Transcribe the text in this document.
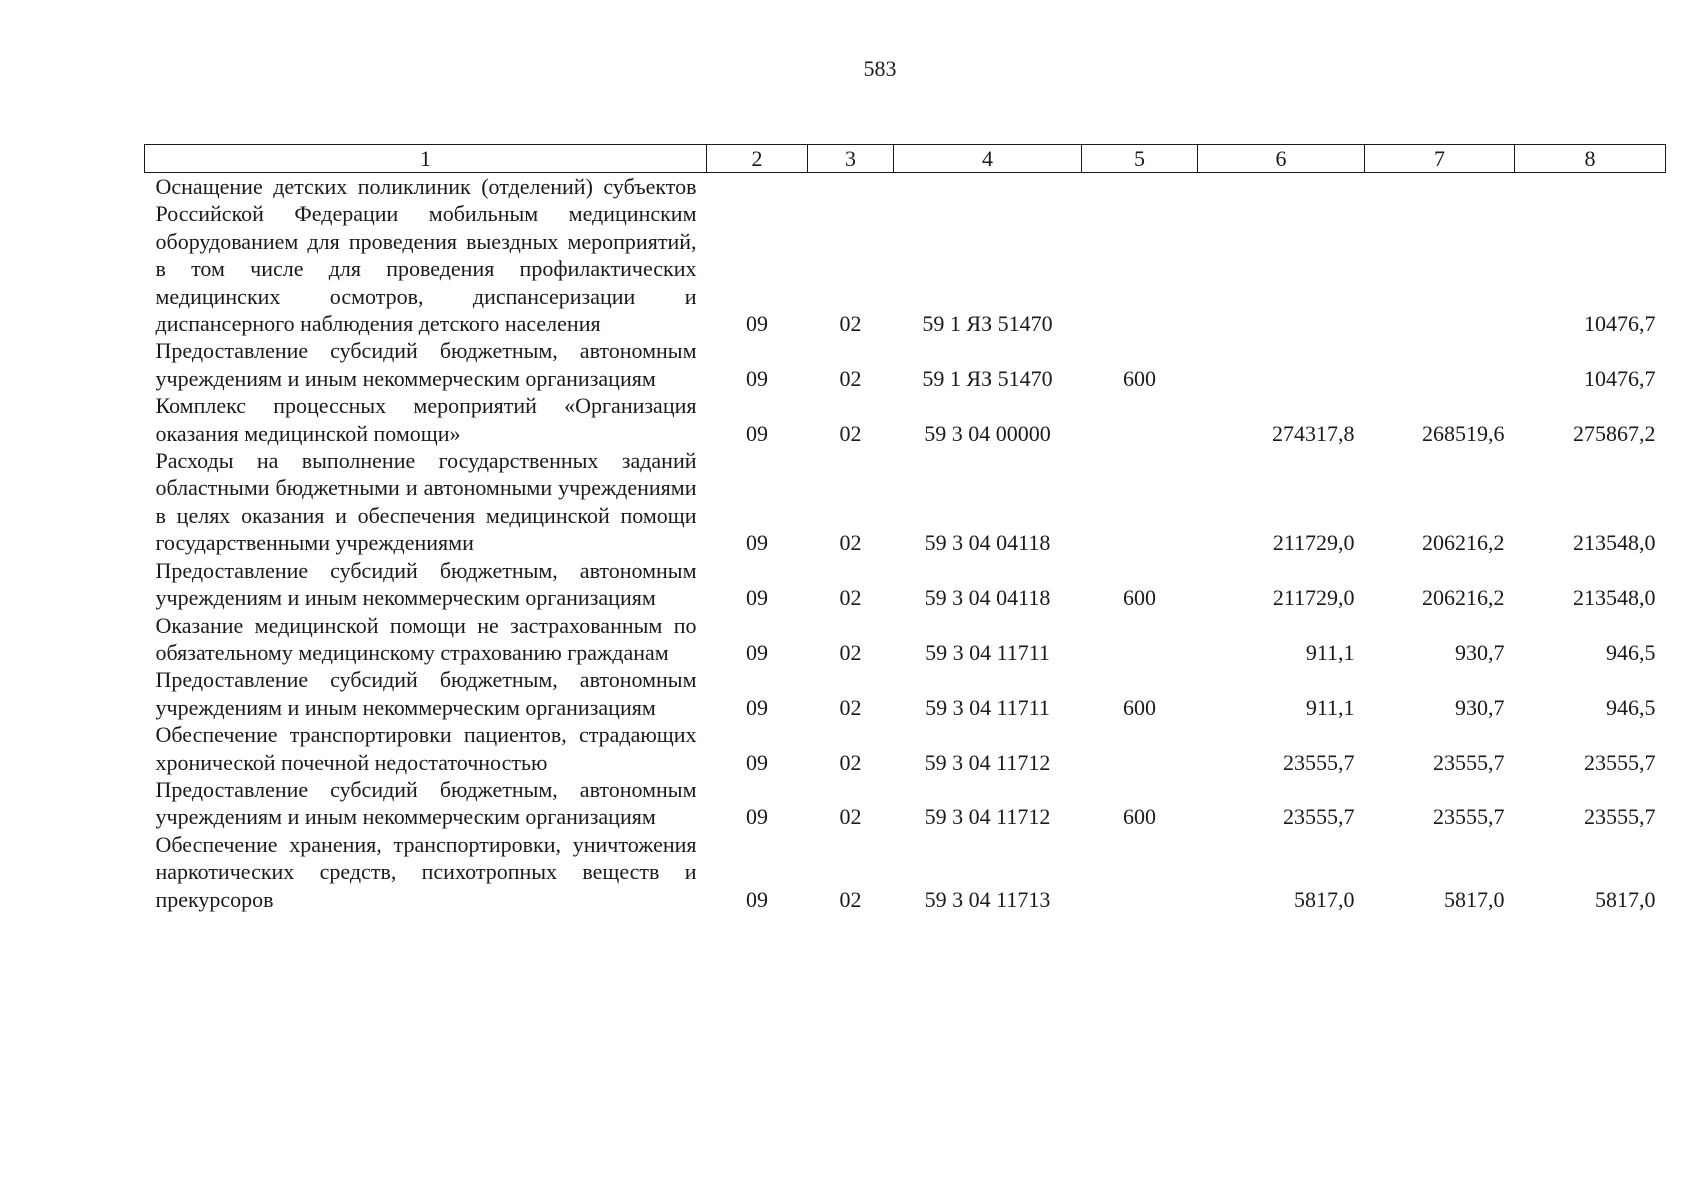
583
1	2	3	4	5	6	7	8
Оснащение детских поликлиник (отделений) субъектов Российской Федерации мобильным медицинским оборудованием для проведения выездных мероприятий, в том числе для проведения профилактических медицинских осмотров, диспансеризации и диспансерного наблюдения детского населения	09	02	59 1 ЯЗ 51470				10476,7
Предоставление субсидий бюджетным, автономным учреждениям и иным некоммерческим организациям	09	02	59 1 ЯЗ 51470	600			10476,7
Комплекс процессных мероприятий «Организация оказания медицинской помощи»	09	02	59 3 04 00000		274317,8	268519,6	275867,2
Расходы на выполнение государственных заданий областными бюджетными и автономными учреждениями в целях оказания и обеспечения медицинской помощи государственными учреждениями	09	02	59 3 04 04118		211729,0	206216,2	213548,0
Предоставление субсидий бюджетным, автономным учреждениям и иным некоммерческим организациям	09	02	59 3 04 04118	600	211729,0	206216,2	213548,0
Оказание медицинской помощи не застрахованным по обязательному медицинскому страхованию гражданам	09	02	59 3 04 11711		911,1	930,7	946,5
Предоставление субсидий бюджетным, автономным учреждениям и иным некоммерческим организациям	09	02	59 3 04 11711	600	911,1	930,7	946,5
Обеспечение транспортировки пациентов, страдающих хронической почечной недостаточностью	09	02	59 3 04 11712		23555,7	23555,7	23555,7
Предоставление субсидий бюджетным, автономным учреждениям и иным некоммерческим организациям	09	02	59 3 04 11712	600	23555,7	23555,7	23555,7
Обеспечение хранения, транспортировки, уничтожения наркотических средств, психотропных веществ и прекурсоров	09	02	59 3 04 11713		5817,0	5817,0	5817,0
